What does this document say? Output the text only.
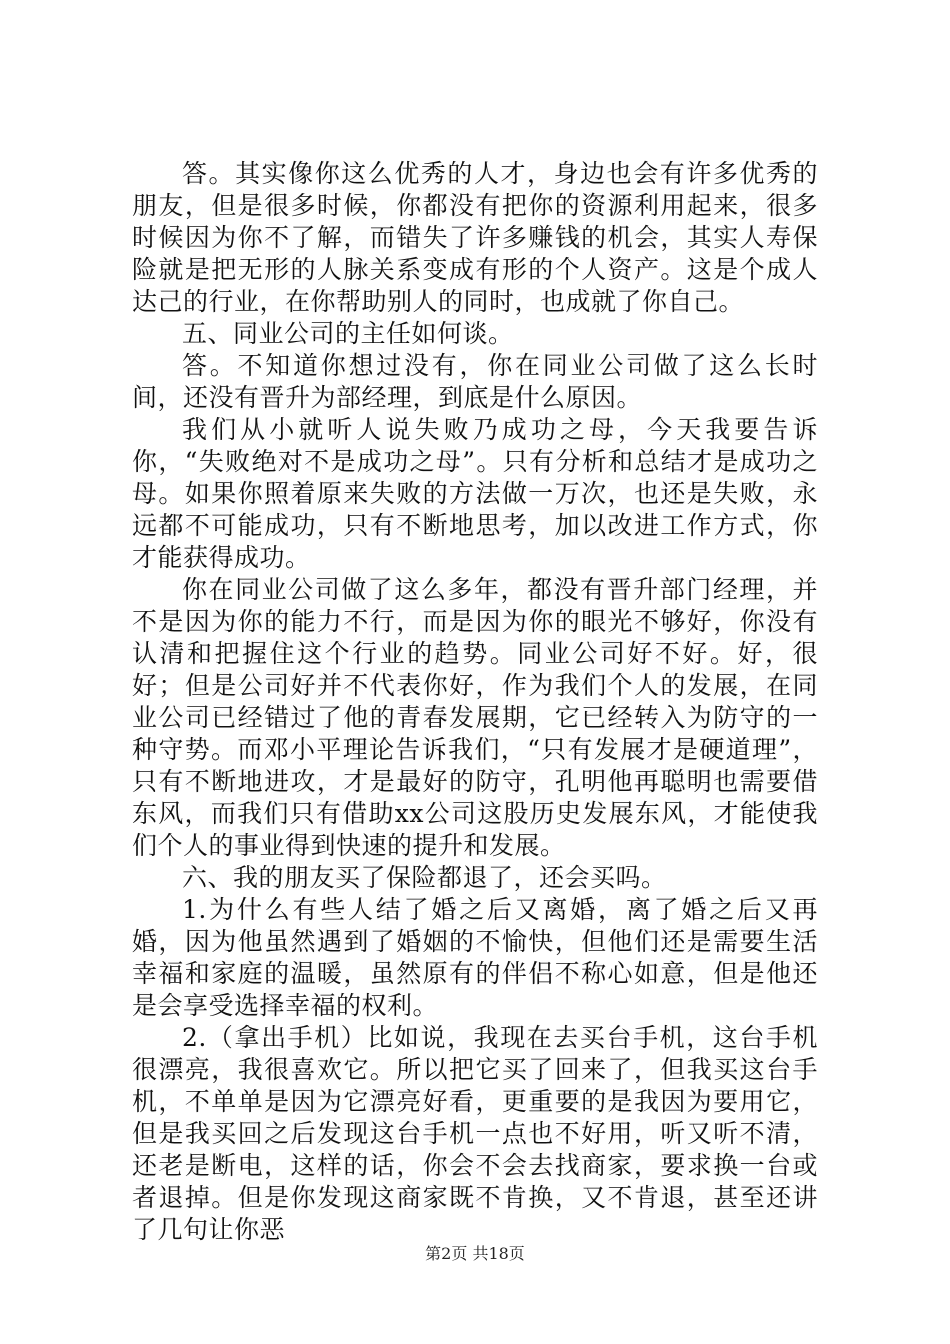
答。其实像你这么优秀的人才，身边也会有许多优秀的朋友，但是很多时候，你都没有把你的资源利用起来，很多时候因为你不了解，而错失了许多赚钱的机会，其实人寿保险就是把无形的人脉关系变成有形的个人资产。这是个成人达己的行业，在你帮助别人的同时，也成就了你自己。

五、同业公司的主任如何谈。

答。不知道你想过没有，你在同业公司做了这么长时间，还没有晋升为部经理，到底是什么原因。

我们从小就听人说失败乃成功之母，今天我要告诉你，“失败绝对不是成功之母”。只有分析和总结才是成功之母。如果你照着原来失败的方法做一万次，也还是失败，永远都不可能成功，只有不断地思考，加以改进工作方式，你才能获得成功。

你在同业公司做了这么多年，都没有晋升部门经理，并不是因为你的能力不行，而是因为你的眼光不够好，你没有认清和把握住这个行业的趋势。同业公司好不好。好，很好；但是公司好并不代表你好，作为我们个人的发展，在同业公司已经错过了他的青春发展期，它已经转入为防守的一种守势。而邓小平理论告诉我们，“只有发展才是硬道理”，只有不断地进攻，才是最好的防守，孔明他再聪明也需要借东风，而我们只有借助xx公司这股历史发展东风，才能使我们个人的事业得到快速的提升和发展。

六、我的朋友买了保险都退了，还会买吗。

1.为什么有些人结了婚之后又离婚，离了婚之后又再婚，因为他虽然遇到了婚姻的不愉快，但他们还是需要生活幸福和家庭的温暖，虽然原有的伴侣不称心如意，但是他还是会享受选择幸福的权利。

2.（拿出手机）比如说，我现在去买台手机，这台手机很漂亮，我很喜欢它。所以把它买了回来了，但我买这台手机，不单单是因为它漂亮好看，更重要的是我因为要用它，但是我买回之后发现这台手机一点也不好用，听又听不清，还老是断电，这样的话，你会不会去找商家，要求换一台或者退掉。但是你发现这商家既不肯换，又不肯退，甚至还讲了几句让你恶

第2页 共18页
